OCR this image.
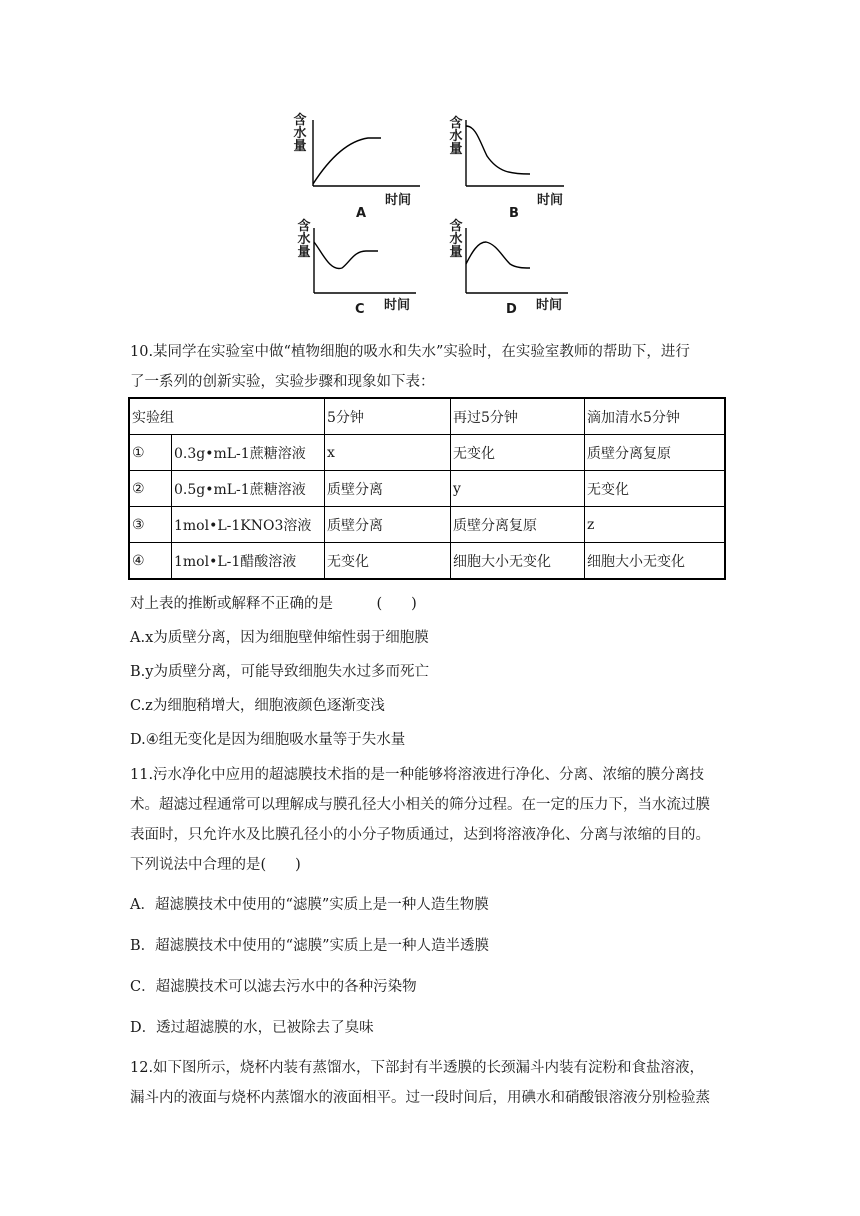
含
水
量
时间
A
含
水
量
时间
B
含
水
量
时间
C
含
水
量
时间
D
10.某同学在实验室中做“植物细胞的吸水和失水”实验时，在实验室教师的帮助下，进行
了一系列的创新实验，实验步骤和现象如下表：
实验组		5分钟	再过5分钟	滴加清水5分钟
①	0.3g•mL-1蔗糖溶液	x	无变化	质壁分离复原
②	0.5g•mL-1蔗糖溶液	质壁分离	y	无变化
③	1mol•L-1KNO3溶液	质壁分离	质壁分离复原	z
④	1mol•L-1醋酸溶液	无变化	细胞大小无变化	细胞大小无变化
对上表的推断或解释不正确的是　　　(　　)
A.x为质壁分离，因为细胞壁伸缩性弱于细胞膜
B.y为质壁分离，可能导致细胞失水过多而死亡
C.z为细胞稍增大，细胞液颜色逐渐变浅
D.④组无变化是因为细胞吸水量等于失水量
11.污水净化中应用的超滤膜技术指的是一种能够将溶液进行净化、分离、浓缩的膜分离技
术。超滤过程通常可以理解成与膜孔径大小相关的筛分过程。在一定的压力下，当水流过膜
表面时，只允许水及比膜孔径小的小分子物质通过，达到将溶液净化、分离与浓缩的目的。
下列说法中合理的是(　　)
A．超滤膜技术中使用的“滤膜”实质上是一种人造生物膜
B．超滤膜技术中使用的“滤膜”实质上是一种人造半透膜
C．超滤膜技术可以滤去污水中的各种污染物
D．透过超滤膜的水，已被除去了臭味
12.如下图所示，烧杯内装有蒸馏水，下部封有半透膜的长颈漏斗内装有淀粉和食盐溶液，
漏斗内的液面与烧杯内蒸馏水的液面相平。过一段时间后，用碘水和硝酸银溶液分别检验蒸
